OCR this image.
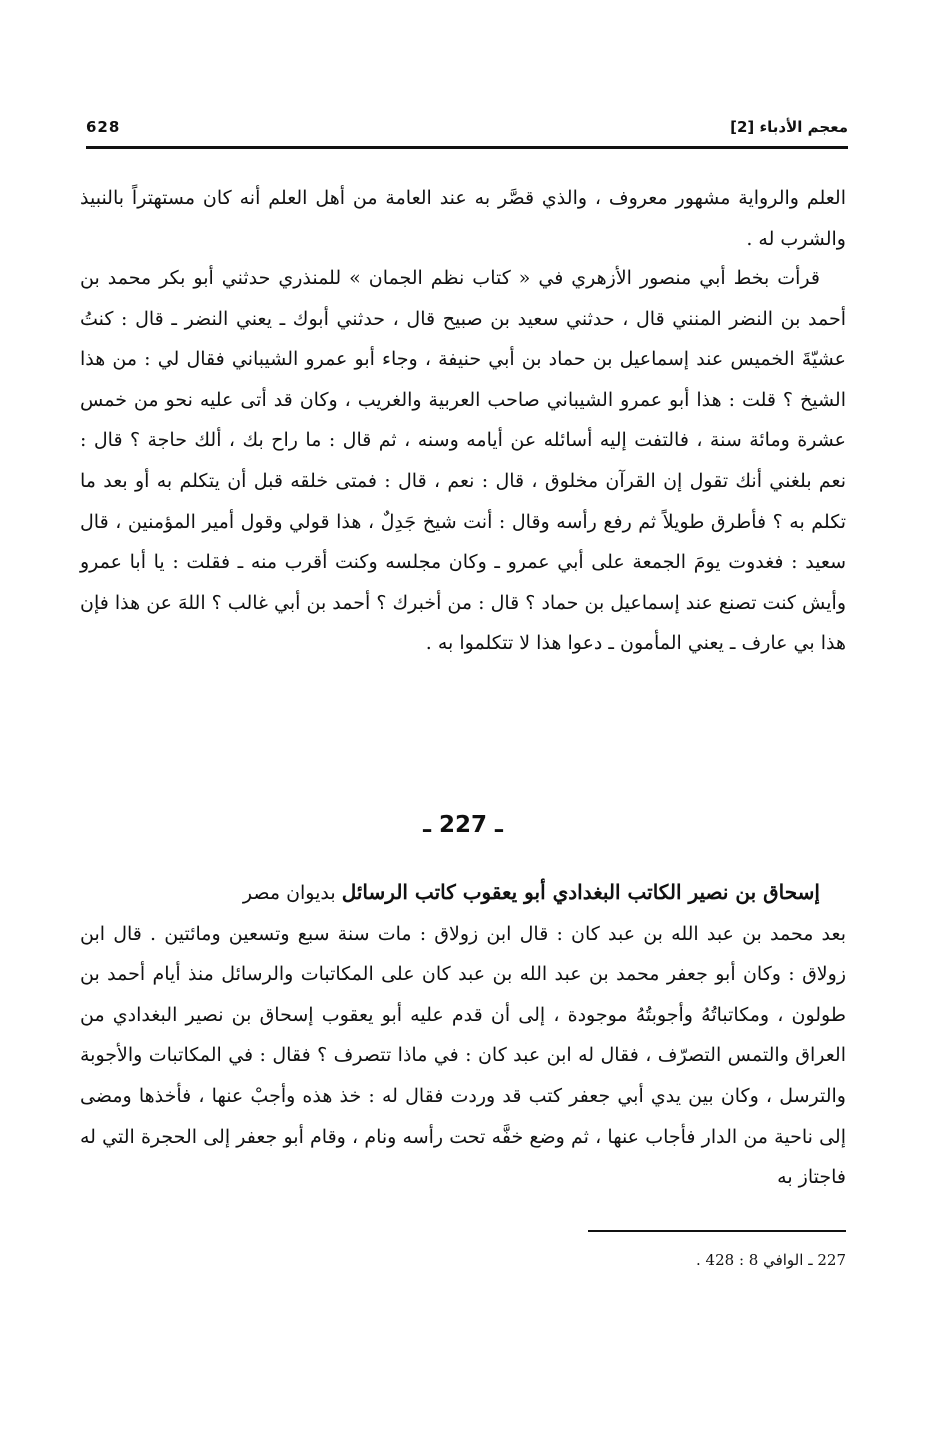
معجم الأدباء [2]
628

العلم والرواية مشهور معروف ، والذي قصَّر به عند العامة من أهل العلم أنه كان مستهتراً بالنبيذ والشرب له .

قرأت بخط أبي منصور الأزهري في « كتاب نظم الجمان » للمنذري حدثني أبو بكر محمد بن أحمد بن النضر المنني قال ، حدثني سعيد بن صبيح قال ، حدثني أبوك ـ يعني النضر ـ قال : كنتُ عشيّةَ الخميس عند إسماعيل بن حماد بن أبي حنيفة ، وجاء أبو عمرو الشيباني فقال لي : من هذا الشيخ ؟ قلت : هذا أبو عمرو الشيباني صاحب العربية والغريب ، وكان قد أتى عليه نحو من خمس عشرة ومائة سنة ، فالتفت إليه أسائله عن أيامه وسنه ، ثم قال : ما راح بك ، ألك حاجة ؟ قال : نعم بلغني أنك تقول إن القرآن مخلوق ، قال : نعم ، قال : فمتى خلقه قبل أن يتكلم به أو بعد ما تكلم به ؟ فأطرق طويلاً ثم رفع رأسه وقال : أنت شيخ جَدِلٌ ، هذا قولي وقول أمير المؤمنين ، قال سعيد : فغدوت يومَ الجمعة على أبي عمرو ـ وكان مجلسه وكنت أقرب منه ـ فقلت : يا أبا عمرو وأيش كنت تصنع عند إسماعيل بن حماد ؟ قال : من أخبرك ؟ أحمد بن أبي غالب ؟ اللهَ عن هذا فإن هذا بي عارف ـ يعني المأمون ـ دعوا هذا لا تتكلموا به .

ـ 227 ـ

إسحاق بن نصير الكاتب البغدادي أبو يعقوب كاتب الرسائل بديوان مصر

بعد محمد بن عبد الله بن عبد كان : قال ابن زولاق : مات سنة سبع وتسعين ومائتين . قال ابن زولاق : وكان أبو جعفر محمد بن عبد الله بن عبد كان على المكاتبات والرسائل منذ أيام أحمد بن طولون ، ومكاتباتُهُ وأجوبتُهُ موجودة ، إلى أن قدم عليه أبو يعقوب إسحاق بن نصير البغدادي من العراق والتمس التصرّف ، فقال له ابن عبد كان : في ماذا تتصرف ؟ فقال : في المكاتبات والأجوبة والترسل ، وكان بين يدي أبي جعفر كتب قد وردت فقال له : خذ هذه وأجبْ عنها ، فأخذها ومضى إلى ناحية من الدار فأجاب عنها ، ثم وضع خفَّه تحت رأسه ونام ، وقام أبو جعفر إلى الحجرة التي له فاجتاز به

227 ـ الوافي 8 : 428 .
